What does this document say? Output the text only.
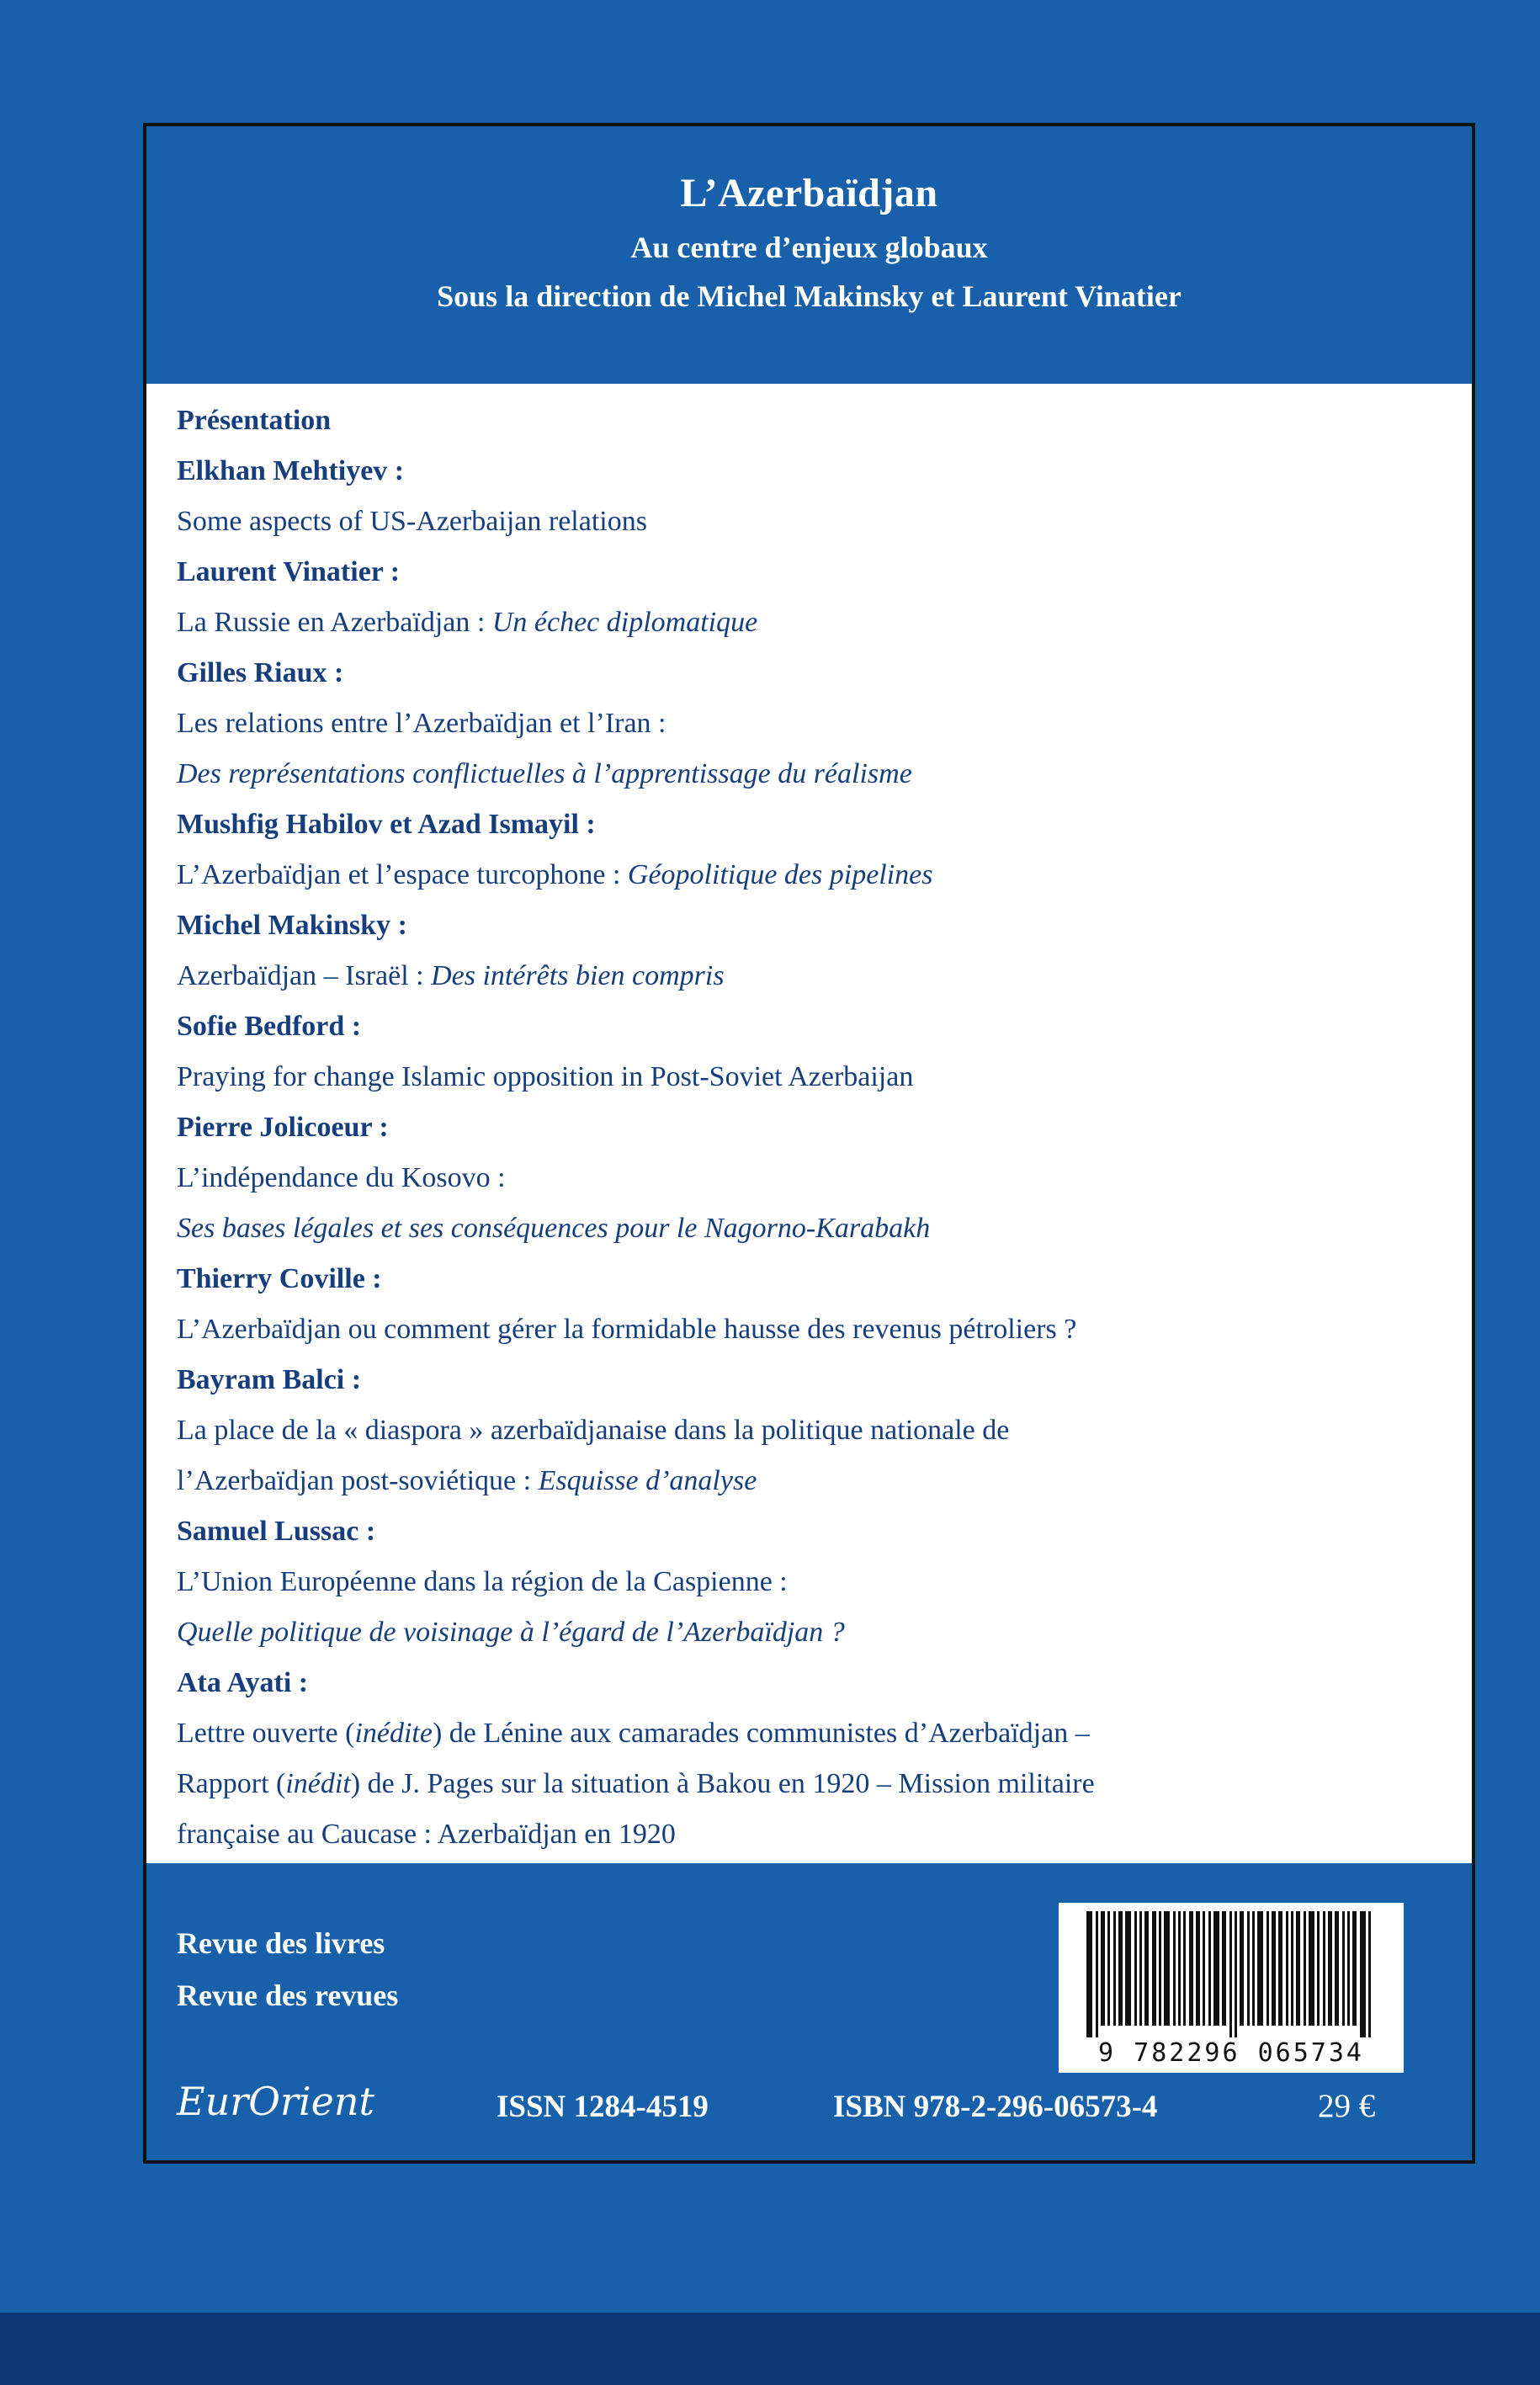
L’Azerbaïdjan
Au centre d’enjeux globaux
Sous la direction de Michel Makinsky et Laurent Vinatier
Présentation
Elkhan Mehtiyev :
Some aspects of US-Azerbaijan relations
Laurent Vinatier :
La Russie en Azerbaïdjan : Un échec diplomatique
Gilles Riaux :
Les relations entre l’Azerbaïdjan et l’Iran :
Des représentations conflictuelles à l’apprentissage du réalisme
Mushfig Habilov et Azad Ismayil :
L’Azerbaïdjan et l’espace turcophone : Géopolitique des pipelines
Michel Makinsky :
Azerbaïdjan – Israël : Des intérêts bien compris
Sofie Bedford :
Praying for change Islamic opposition in Post-Soviet Azerbaijan
Pierre Jolicoeur :
L’indépendance du Kosovo :
Ses bases légales et ses conséquences pour le Nagorno-Karabakh
Thierry Coville :
L’Azerbaïdjan ou comment gérer la formidable hausse des revenus pétroliers ?
Bayram Balci :
La place de la « diaspora » azerbaïdjanaise dans la politique nationale de
l’Azerbaïdjan post-soviétique : Esquisse d’analyse
Samuel Lussac :
L’Union Européenne dans la région de la Caspienne :
Quelle politique de voisinage à l’égard de l’Azerbaïdjan ?
Ata Ayati :
Lettre ouverte (inédite) de Lénine aux camarades communistes d’Azerbaïdjan –
Rapport (inédit) de J. Pages sur la situation à Bakou en 1920 – Mission militaire
française au Caucase : Azerbaïdjan en 1920
Revue des livres
Revue des revues
9 782296 065734
EurOrient	ISSN 1284-4519	ISBN 978-2-296-06573-4	29 €
